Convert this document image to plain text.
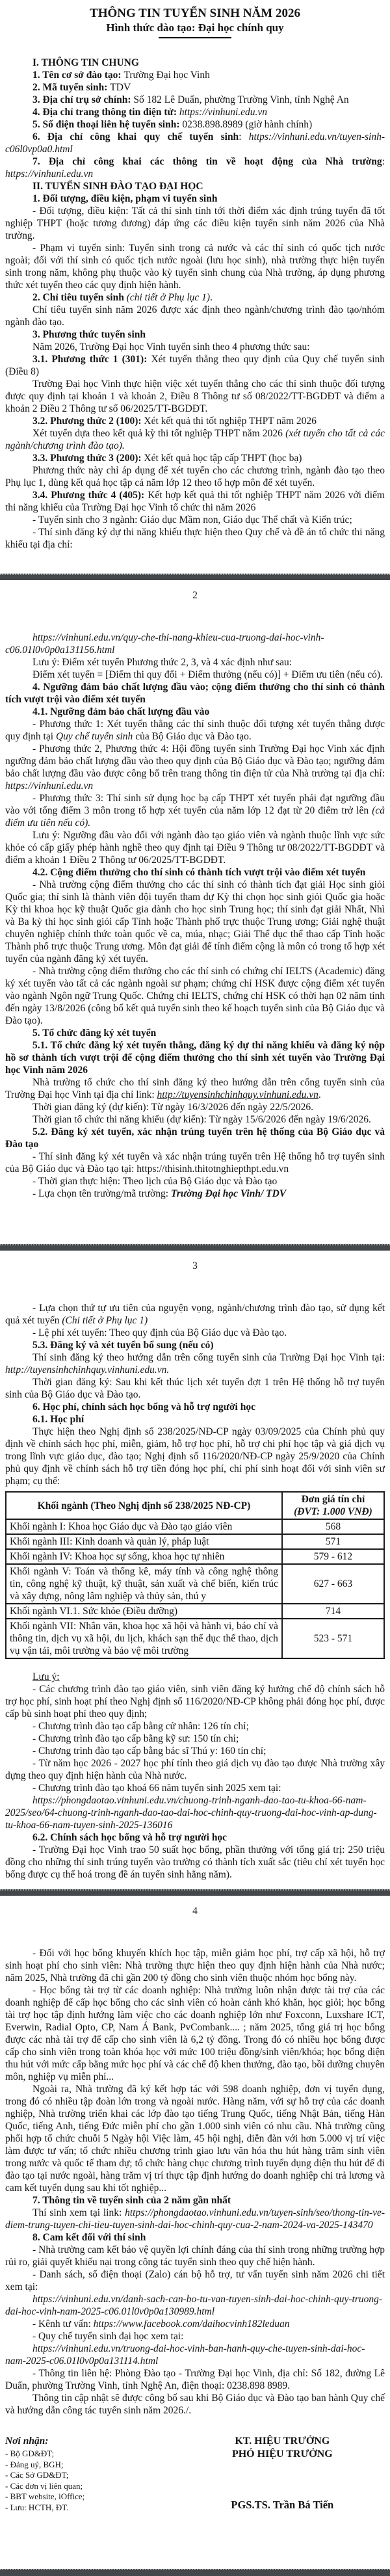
THÔNG TIN TUYỂN SINH NĂM 2026
Hình thức đào tạo: Đại học chính quy

I. THÔNG TIN CHUNG

1. Tên cơ sở đào tạo: Trường Đại học Vinh

2. Mã tuyển sinh: TDV

3. Địa chỉ trụ sở chính: Số 182 Lê Duẩn, phường Trường Vinh, tỉnh Nghệ An

4. Địa chỉ trang thông tin điện tử: https://vinhuni.edu.vn

5. Số điện thoại liên hệ tuyển sinh: 0238.898.8989 (giờ hành chính)

6. Địa chỉ công khai quy chế tuyển sinh: https://vinhuni.edu.vn/tuyen-sinh-c06l0vp0a0.html

7. Địa chỉ công khai các thông tin về hoạt động của Nhà trường: https://vinhuni.edu.vn

II. TUYỂN SINH ĐÀO TẠO ĐẠI HỌC

1. Đối tượng, điều kiện, phạm vi tuyển sinh

- Đối tượng, điều kiện: Tất cả thí sinh tính tới thời điểm xác định trúng tuyển đã tốt nghiệp THPT (hoặc tương đương) đáp ứng các điều kiện tuyển sinh năm 2026 của Nhà trường.

- Phạm vi tuyển sinh: Tuyển sinh trong cả nước và các thí sinh có quốc tịch nước ngoài; đối với thí sinh có quốc tịch nước ngoài (lưu học sinh), nhà trường thực hiện tuyển sinh trong năm, không phụ thuộc vào kỳ tuyển sinh chung của Nhà trường, áp dụng phương thức xét tuyển theo các quy định hiện hành.

2. Chỉ tiêu tuyển sinh (chi tiết ở Phụ lục 1).

Chỉ tiêu tuyển sinh năm 2026 được xác định theo ngành/chương trình đào tạo/nhóm ngành đào tạo.

3. Phương thức tuyển sinh

Năm 2026, Trường Đại học Vinh tuyển sinh theo 4 phương thức sau:

3.1. Phương thức 1 (301): Xét tuyển thẳng theo quy định của Quy chế tuyển sinh (Điều 8)

Trường Đại học Vinh thực hiện việc xét tuyển thẳng cho các thí sinh thuộc đối tượng được quy định tại khoản 1 và khoản 2, Điều 8 Thông tư số 08/2022/TT-BGDĐT và điểm a khoản 2 Điều 2 Thông tư số 06/2025/TT-BGDĐT.

3.2. Phương thức 2 (100): Xét kết quả thi tốt nghiệp THPT năm 2026

Xét tuyển dựa theo kết quả kỳ thi tốt nghiệp THPT năm 2026 (xét tuyển cho tất cả các ngành/chương trình đào tạo).

3.3. Phương thức 3 (200): Xét kết quả học tập cấp THPT (học bạ)

Phương thức này chỉ áp dụng để xét tuyển cho các chương trình, ngành đào tạo theo Phụ lục 1, dùng kết quả học tập cả năm lớp 12 theo tổ hợp môn để xét tuyển.

3.4. Phương thức 4 (405): Kết hợp kết quả thi tốt nghiệp THPT năm 2026 với điểm thi năng khiếu của Trường Đại học Vinh tổ chức thi năm 2026

- Tuyển sinh cho 3 ngành: Giáo dục Mầm non, Giáo dục Thể chất và Kiến trúc;

- Thí sinh đăng ký dự thi năng khiếu thực hiện theo Quy chế và đề án tổ chức thi năng khiếu tại địa chỉ:

2

https://vinhuni.edu.vn/quy-che-thi-nang-khieu-cua-truong-dai-hoc-vinh-c06.01l0v0p0a131156.html

Lưu ý: Điểm xét tuyển Phương thức 2, 3, và 4 xác định như sau:

Điểm xét tuyển = [Điểm thi quy đổi + Điểm thưởng (nếu có)] + Điểm ưu tiên (nếu có).

4. Ngưỡng đảm bảo chất lượng đầu vào; cộng điểm thưởng cho thí sinh có thành tích vượt trội vào điểm xét tuyển

4.1. Ngưỡng đảm bảo chất lượng đầu vào

- Phương thức 1: Xét tuyển thẳng các thí sinh thuộc đối tượng xét tuyển thẳng được quy định tại Quy chế tuyển sinh của Bộ Giáo dục và Đào tạo.

- Phương thức 2, Phương thức 4: Hội đồng tuyển sinh Trường Đại học Vinh xác định ngưỡng đảm bảo chất lượng đầu vào theo quy định của Bộ Giáo dục và Đào tạo; ngưỡng đảm bảo chất lượng đầu vào được công bố trên trang thông tin điện tử của Nhà trường tại địa chỉ: https://vinhuni.edu.vn

- Phương thức 3: Thí sinh sử dụng học bạ cấp THPT xét tuyển phải đạt ngưỡng đầu vào với tổng điểm 3 môn trong tổ hợp xét tuyển của năm lớp 12 đạt từ 20 điểm trở lên (cả điểm ưu tiên nếu có).

Lưu ý: Ngưỡng đầu vào đối với ngành đào tạo giáo viên và ngành thuộc lĩnh vực sức khỏe có cấp giấy phép hành nghề theo quy định tại Điều 9 Thông tư 08/2022/TT-BGDĐT và điểm a khoản 1 Điều 2 Thông tư 06/2025/TT-BGDĐT.

4.2. Cộng điểm thưởng cho thí sinh có thành tích vượt trội vào điểm xét tuyển

- Nhà trường cộng điểm thưởng cho các thí sinh có thành tích đạt giải Học sinh giỏi Quốc gia; thí sinh là thành viên đội tuyển tham dự Kỳ thi chọn học sinh giỏi Quốc gia hoặc Kỳ thi khoa học kỹ thuật Quốc gia dành cho học sinh Trung học; thí sinh đạt giải Nhất, Nhì và Ba kỳ thi học sinh giỏi cấp Tỉnh hoặc Thành phố trực thuộc Trung ương; Giải nghệ thuật chuyên nghiệp chính thức toàn quốc về ca, múa, nhạc; Giải Thể dục thể thao cấp Tỉnh hoặc Thành phố trực thuộc Trung ương. Môn đạt giải để tính điểm cộng là môn có trong tổ hợp xét tuyển của ngành đăng ký xét tuyển.

- Nhà trường cộng điểm thưởng cho các thí sinh có chứng chỉ IELTS (Academic) đăng ký xét tuyển vào tất cả các ngành ngoài sư phạm; chứng chỉ HSK được cộng điểm xét tuyển vào ngành Ngôn ngữ Trung Quốc. Chứng chỉ IELTS, chứng chỉ HSK có thời hạn 02 năm tính đến ngày 13/8/2026 (công bố kết quả tuyển sinh theo kế hoạch tuyển sinh của Bộ Giáo dục và Đào tạo).

5. Tổ chức đăng ký xét tuyển

5.1. Tổ chức đăng ký xét tuyển thẳng, đăng ký dự thi năng khiếu và đăng ký nộp hồ sơ thành tích vượt trội để cộng điểm thưởng cho thí sinh xét tuyển vào Trường Đại học Vinh năm 2026

Nhà trường tổ chức cho thí sinh đăng ký theo hướng dẫn trên cổng tuyển sinh của Trường Đại học Vinh tại địa chỉ link: http://tuyensinhchinhquy.vinhuni.edu.vn.

Thời gian đăng ký (dự kiến): Từ ngày 16/3/2026 đến ngày 22/5/2026.

Thời gian tổ chức thi năng khiếu (dự kiến): Từ ngày 15/6/2026 đến ngày 19/6/2026.

5.2. Đăng ký xét tuyển, xác nhận trúng tuyển trên hệ thống của Bộ Giáo dục và Đào tạo

- Thí sinh đăng ký xét tuyển và xác nhận trúng tuyển trên Hệ thống hỗ trợ tuyển sinh của Bộ Giáo dục và Đào tạo tại: https://thisinh.thitotnghiepthpt.edu.vn

- Thời gian thực hiện: Theo lịch của Bộ Giáo dục và Đào tạo

- Lựa chọn tên trường/mã trường: Trường Đại học Vinh/ TDV

3

- Lựa chọn thứ tự ưu tiên của nguyện vọng, ngành/chương trình đào tạo, sử dụng kết quả xét tuyển (Chi tiết ở Phụ lục 1)

- Lệ phí xét tuyển: Theo quy định của Bộ Giáo dục và Đào tạo.

5.3. Đăng ký và xét tuyển bổ sung (nếu có)

Thí sinh đăng ký theo hướng dẫn trên cổng tuyển sinh của Trường Đại học Vinh tại: http://tuyensinhchinhquy.vinhuni.edu.vn.

Thời gian đăng ký: Sau khi kết thúc lịch xét tuyển đợt 1 trên Hệ thống hỗ trợ tuyển sinh của Bộ Giáo dục và Đào tạo.

6. Học phí, chính sách học bổng và hỗ trợ người học

6.1. Học phí

Thực hiện theo Nghị định số 238/2025/NĐ-CP ngày 03/09/2025 của Chính phủ quy định về chính sách học phí, miễn, giảm, hỗ trợ học phí, hỗ trợ chi phí học tập và giá dịch vụ trong lĩnh vực giáo dục, đào tạo; Nghị định số 116/2020/NĐ-CP ngày 25/9/2020 của Chính phủ quy định về chính sách hỗ trợ tiền đóng học phí, chi phí sinh hoạt đối với sinh viên sư phạm; cụ thể:

Khối ngành (Theo Nghị định số 238/2025 NĐ-CP)	Đơn giá tín chỉ
(ĐVT: 1.000 VNĐ)

Khối ngành I: Khoa học Giáo dục và Đào tạo giáo viên	568
Khối ngành III: Kinh doanh và quản lý, pháp luật	571
Khối ngành IV: Khoa học sự sống, khoa học tự nhiên	579 - 612
Khối ngành V: Toán và thống kê, máy tính và công nghệ thông tin, công nghệ kỹ thuật, kỹ thuật, sản xuất và chế biến, kiến trúc và xây dựng, nông lâm nghiệp và thủy sản, thú y	627 - 663
Khối ngành VI.1. Sức khỏe (Điều dưỡng)	714
Khối ngành VII: Nhân văn, khoa học xã hội và hành vi, báo chí và thông tin, dịch vụ xã hội, du lịch, khách sạn thể dục thể thao, dịch vụ vận tải, môi trường và bảo vệ môi trường	523 - 571

Lưu ý:

- Các chương trình đào tạo giáo viên, sinh viên đăng ký hưởng chế độ chính sách hỗ trợ học phí, sinh hoạt phí theo Nghị định số 116/2020/NĐ-CP không phải đóng học phí, được cấp bù sinh hoạt phí theo quy định;

- Chương trình đào tạo cấp bằng cử nhân: 126 tín chỉ;

- Chương trình đào tạo cấp bằng kỹ sư: 150 tín chỉ;

- Chương trình đào tạo cấp bằng bác sĩ Thú y: 160 tín chỉ;

- Từ năm học 2026 - 2027 học phí tính theo giá dịch vụ đào tạo được Nhà trường xây dựng theo quy định hiện hành của Nhà nước.

- Chương trình đào tạo khoá 66 năm tuyển sinh 2025 xem tại:

https://phongdaotao.vinhuni.edu.vn/chuong-trinh-nganh-dao-tao-tu-khoa-66-nam-2025/seo/64-chuong-trinh-nganh-dao-tao-dai-hoc-chinh-quy-truong-dai-hoc-vinh-ap-dung-tu-khoa-66-nam-tuyen-sinh-2025-136016

6.2. Chính sách học bổng và hỗ trợ người học

- Trường Đại học Vinh trao 50 suất học bổng, phần thưởng với tổng giá trị: 250 triệu đồng cho những thí sinh trúng tuyển vào trường có thành tích xuất sắc (tiêu chí xét tuyển học bổng được cụ thể hoá trong đề án tuyển sinh hằng năm).

4

- Đối với học bổng khuyến khích học tập, miễn giảm học phí, trợ cấp xã hội, hỗ trợ sinh hoạt phí cho sinh viên: Nhà trường thực hiện theo quy định hiện hành của Nhà nước; năm 2025, Nhà trường đã chi gần 200 tỷ đồng cho sinh viên thuộc nhóm học bổng này.

- Học bổng tài trợ từ các doanh nghiệp: Nhà trường luôn nhận được tài trợ của các doanh nghiệp để cấp học bổng cho các sinh viên có hoàn cảnh khó khăn, học giỏi; học bổng tài trợ học tập định hướng làm việc cho các doanh nghiệp lớn như Foxconn, Luxshare ICT, Everwin, Radial Opto, CP, Nam Á Bank, PvCombank.... ; năm 2025, tổng giá trị học bổng được các nhà tài trợ để cấp cho sinh viên là 6,2 tỷ đồng. Trong đó có nhiều học bổng được cấp cho sinh viên trong toàn khóa học với mức 100 triệu đồng/sinh viên/khóa; học bổng diện thu hút với mức cấp bằng mức học phí và các chế độ khen thưởng, đào tạo, bồi dưỡng chuyên môn, nghiệp vụ miễn phí...

Ngoài ra, Nhà trường đã ký kết hợp tác với 598 doanh nghiệp, đơn vị tuyển dụng, trong đó có nhiều tập đoàn lớn trong và ngoài nước. Hàng năm, với sự hỗ trợ của các doanh nghiệp, Nhà trường triển khai các lớp đào tạo tiếng Trung Quốc, tiếng Nhật Bản, tiếng Hàn Quốc, tiếng Anh, tiếng Đức miễn phí cho gần 1.000 sinh viên có nhu cầu. Nhà trường cũng phối hợp tổ chức chuỗi 5 Ngày hội Việc làm, 45 hội nghị, diễn đàn với hơn 5.000 vị trí việc làm được tư vấn; tổ chức nhiều chương trình giao lưu văn hóa thu hút hàng trăm sinh viên trong nước và quốc tế tham dự; tổ chức hàng chục chương trình tuyển dụng diện thu hút để đi đào tạo tại nước ngoài, hàng trăm vị trí thực tập định hướng do doanh nghiệp chi trả lương và cam kết tuyển dụng sau khi tốt nghiệp...

7. Thông tin về tuyển sinh của 2 năm gần nhất

Thí sinh xem tại link: https://phongdaotao.vinhuni.edu.vn/tuyen-sinh/seo/thong-tin-ve-diem-trung-tuyen-chi-tieu-tuyen-sinh-dai-hoc-chinh-quy-cua-2-nam-2024-va-2025-143470

8. Cam kết đối với thí sinh

- Nhà trường cam kết bảo vệ quyền lợi chính đáng của thí sinh trong những trường hợp rủi ro, giải quyết khiếu nại trong công tác tuyển sinh theo quy chế hiện hành.

- Danh sách, số điện thoại (Zalo) cán bộ hỗ trợ, tư vấn tuyển sinh năm 2026 chi tiết xem tại:

https://vinhuni.edu.vn/danh-sach-can-bo-tu-van-tuyen-sinh-dai-hoc-chinh-quy-truong-dai-hoc-vinh-nam-2025-c06.01l0v0p0a130989.html

- Kênh tư vấn: https://www.facebook.com/daihocvinh182leduan

- Quy chế tuyển sinh đại học xem tại:

https://vinhuni.edu.vn/truong-dai-hoc-vinh-ban-hanh-quy-che-tuyen-sinh-dai-hoc-nam-2025-c06.01l0v0p0a131114.html

- Thông tin liên hệ: Phòng Đào tạo - Trường Đại học Vinh, địa chỉ: Số 182, đường Lê Duẩn, phường Trường Vinh, tỉnh Nghệ An, điện thoại: 0238.898 8989.

Thông tin cập nhật sẽ được công bố sau khi Bộ Giáo dục và Đào tạo ban hành Quy chế và hướng dẫn công tác tuyển sinh năm 2026./.

Nơi nhận:

- Bộ GD&ĐT;
- Đảng uỷ, BGH;
- Các Sở GD&ĐT;
- Các đơn vị liên quan;
- BBT website, iOffice;
- Lưu: HCTH, ĐT.

KT. HIỆU TRƯỞNG

PHÓ HIỆU TRƯỞNG

PGS.TS. Trần Bá Tiến
